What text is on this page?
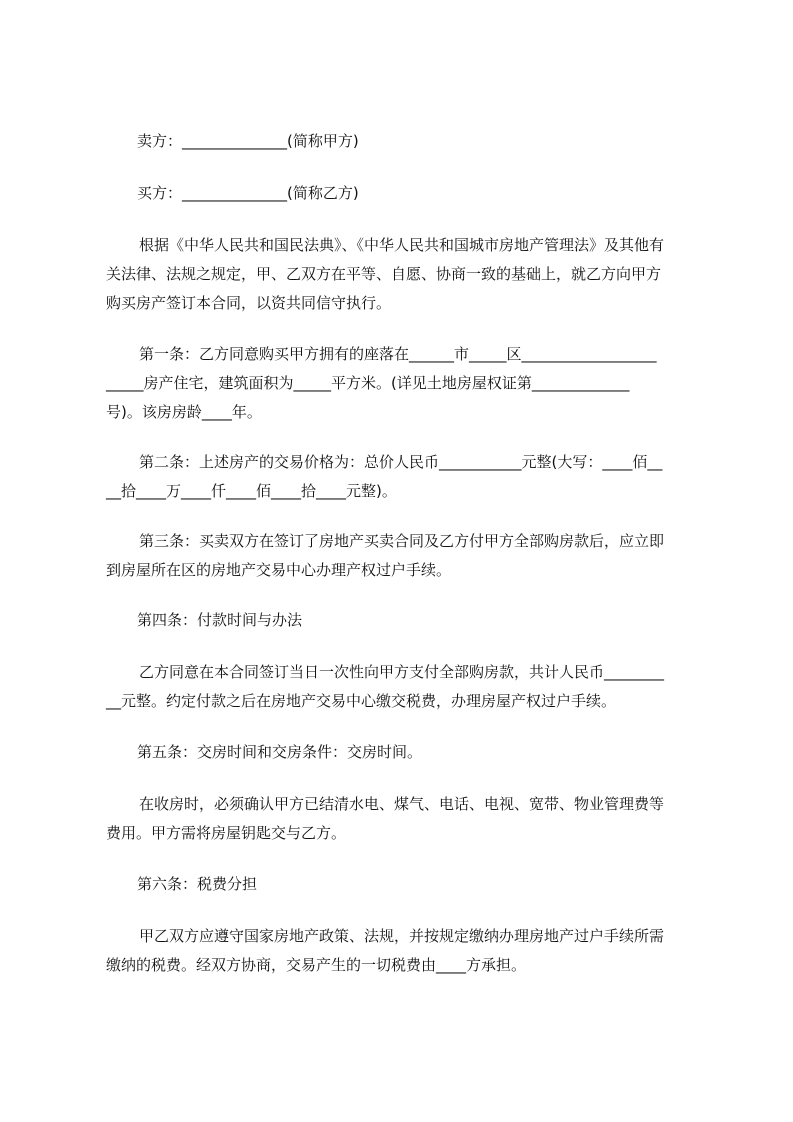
卖方：______________(简称甲方)

买方：______________(简称乙方)

根据《中华人民共和国民法典》、《中华人民共和国城市房地产管理法》及其他有
关法律、法规之规定，甲、乙双方在平等、自愿、协商一致的基础上，就乙方向甲方
购买房产签订本合同，以资共同信守执行。

第一条：乙方同意购买甲方拥有的座落在______市_____区__________________
_____房产住宅，建筑面积为_____平方米。(详见土地房屋权证第_____________
号)。该房房龄____年。

第二条：上述房产的交易价格为：总价人民币___________元整(大写：____佰__
__拾____万____仟____佰____拾____元整)。

第三条：买卖双方在签订了房地产买卖合同及乙方付甲方全部购房款后，应立即
到房屋所在区的房地产交易中心办理产权过户手续。

第四条：付款时间与办法

乙方同意在本合同签订当日一次性向甲方支付全部购房款，共计人民币________
__元整。约定付款之后在房地产交易中心缴交税费，办理房屋产权过户手续。

第五条：交房时间和交房条件：交房时间。

在收房时，必须确认甲方已结清水电、煤气、电话、电视、宽带、物业管理费等
费用。甲方需将房屋钥匙交与乙方。

第六条：税费分担

甲乙双方应遵守国家房地产政策、法规，并按规定缴纳办理房地产过户手续所需
缴纳的税费。经双方协商，交易产生的一切税费由____方承担。
